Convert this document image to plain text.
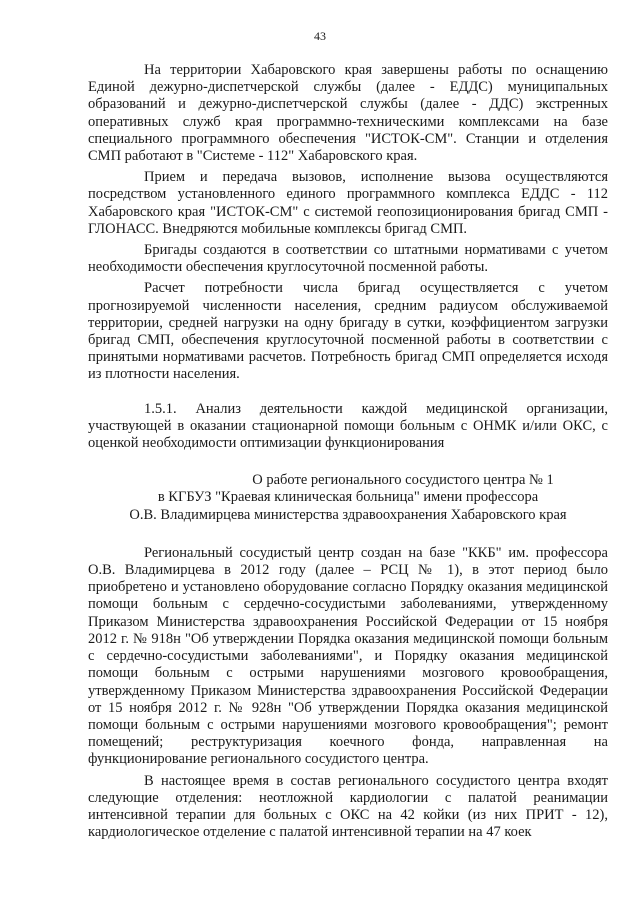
43

На территории Хабаровского края завершены работы по оснащению Единой дежурно-диспетчерской службы (далее - ЕДДС) муниципальных образований и дежурно-диспетчерской службы (далее - ДДС) экстренных оперативных служб края программно-техническими комплексами на базе специального программного обеспечения "ИСТОК-СМ". Станции и отделения СМП работают в "Системе - 112" Хабаровского края.

Прием и передача вызовов, исполнение вызова осуществляются посредством установленного единого программного комплекса ЕДДС - 112 Хабаровского края "ИСТОК-СМ" с системой геопозиционирования бригад СМП - ГЛОНАСС. Внедряются мобильные комплексы бригад СМП.

Бригады создаются в соответствии со штатными нормативами с учетом необходимости обеспечения круглосуточной посменной работы.

Расчет потребности числа бригад осуществляется с учетом прогнозируемой численности населения, средним радиусом обслуживаемой территории, средней нагрузки на одну бригаду в сутки, коэффициентом загрузки бригад СМП, обеспечения круглосуточной посменной работы в соответствии с принятыми нормативами расчетов. Потребность бригад СМП определяется исходя из плотности населения.

1.5.1. Анализ деятельности каждой медицинской организации, участвующей в оказании стационарной помощи больным с ОНМК и/или ОКС, с оценкой необходимости оптимизации функционирования

О работе регионального сосудистого центра № 1
в КГБУЗ "Краевая клиническая больница" имени профессора
О.В. Владимирцева министерства здравоохранения Хабаровского края

Региональный сосудистый центр создан на базе "ККБ" им. профессора О.В. Владимирцева в 2012 году (далее – РСЦ № 1), в этот период было приобретено и установлено оборудование согласно Порядку оказания медицинской помощи больным с сердечно-сосудистыми заболеваниями, утвержденному Приказом Министерства здравоохранения Российской Федерации от 15 ноября 2012 г. № 918н "Об утверждении Порядка оказания медицинской помощи больным с сердечно-сосудистыми заболеваниями", и Порядку оказания медицинской помощи больным с острыми нарушениями мозгового кровообращения, утвержденному Приказом Министерства здравоохранения Российской Федерации от 15 ноября 2012 г. № 928н "Об утверждении Порядка оказания медицинской помощи больным с острыми нарушениями мозгового кровообращения"; ремонт помещений; реструктуризация коечного фонда, направленная на функционирование регионального сосудистого центра.

В настоящее время в состав регионального сосудистого центра входят следующие отделения: неотложной кардиологии с палатой реанимации интенсивной терапии для больных с ОКС на 42 койки (из них ПРИТ - 12), кардиологическое отделение с палатой интенсивной терапии на 47 коек
